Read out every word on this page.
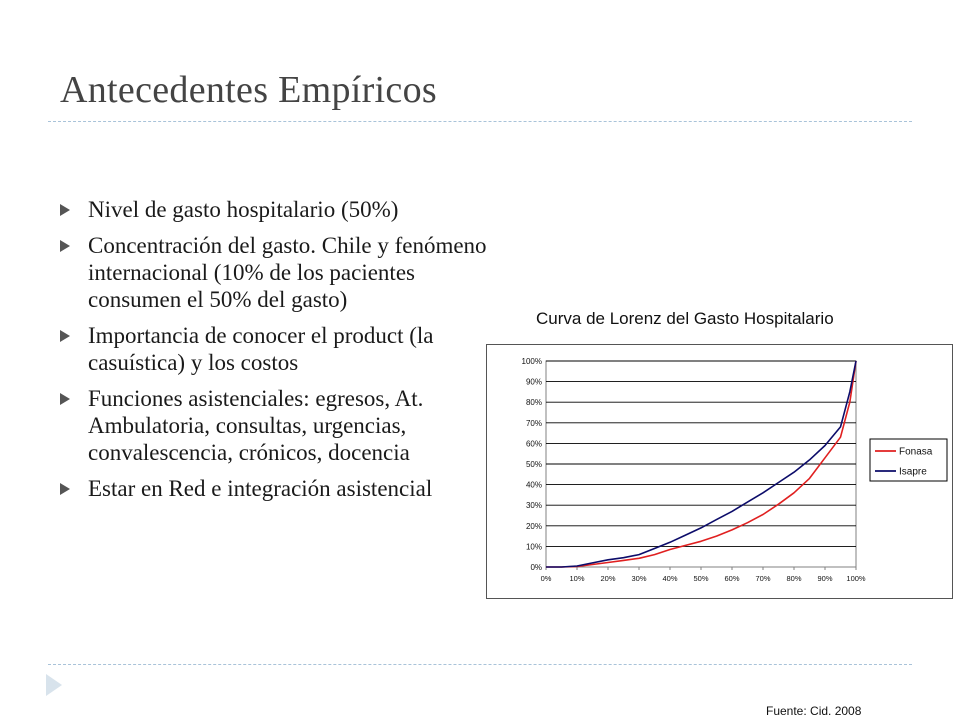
Antecedentes Empíricos
Nivel de gasto hospitalario (50%)
Concentración del gasto. Chile y fenómeno internacional (10% de los pacientes consumen el 50% del gasto)
Importancia de conocer el product (la casuística) y los costos
Funciones asistenciales: egresos, At. Ambulatoria, consultas, urgencias, convalescencia, crónicos, docencia
Estar en Red e integración asistencial
Curva de Lorenz del Gasto Hospitalario
0%
10%
20%
30%
40%
50%
60%
70%
80%
90%
100%
0% 10% 20% 30% 40% 50% 60% 70% 80% 90% 100%
Fonasa
Isapre
Fuente: Cid. 2008
